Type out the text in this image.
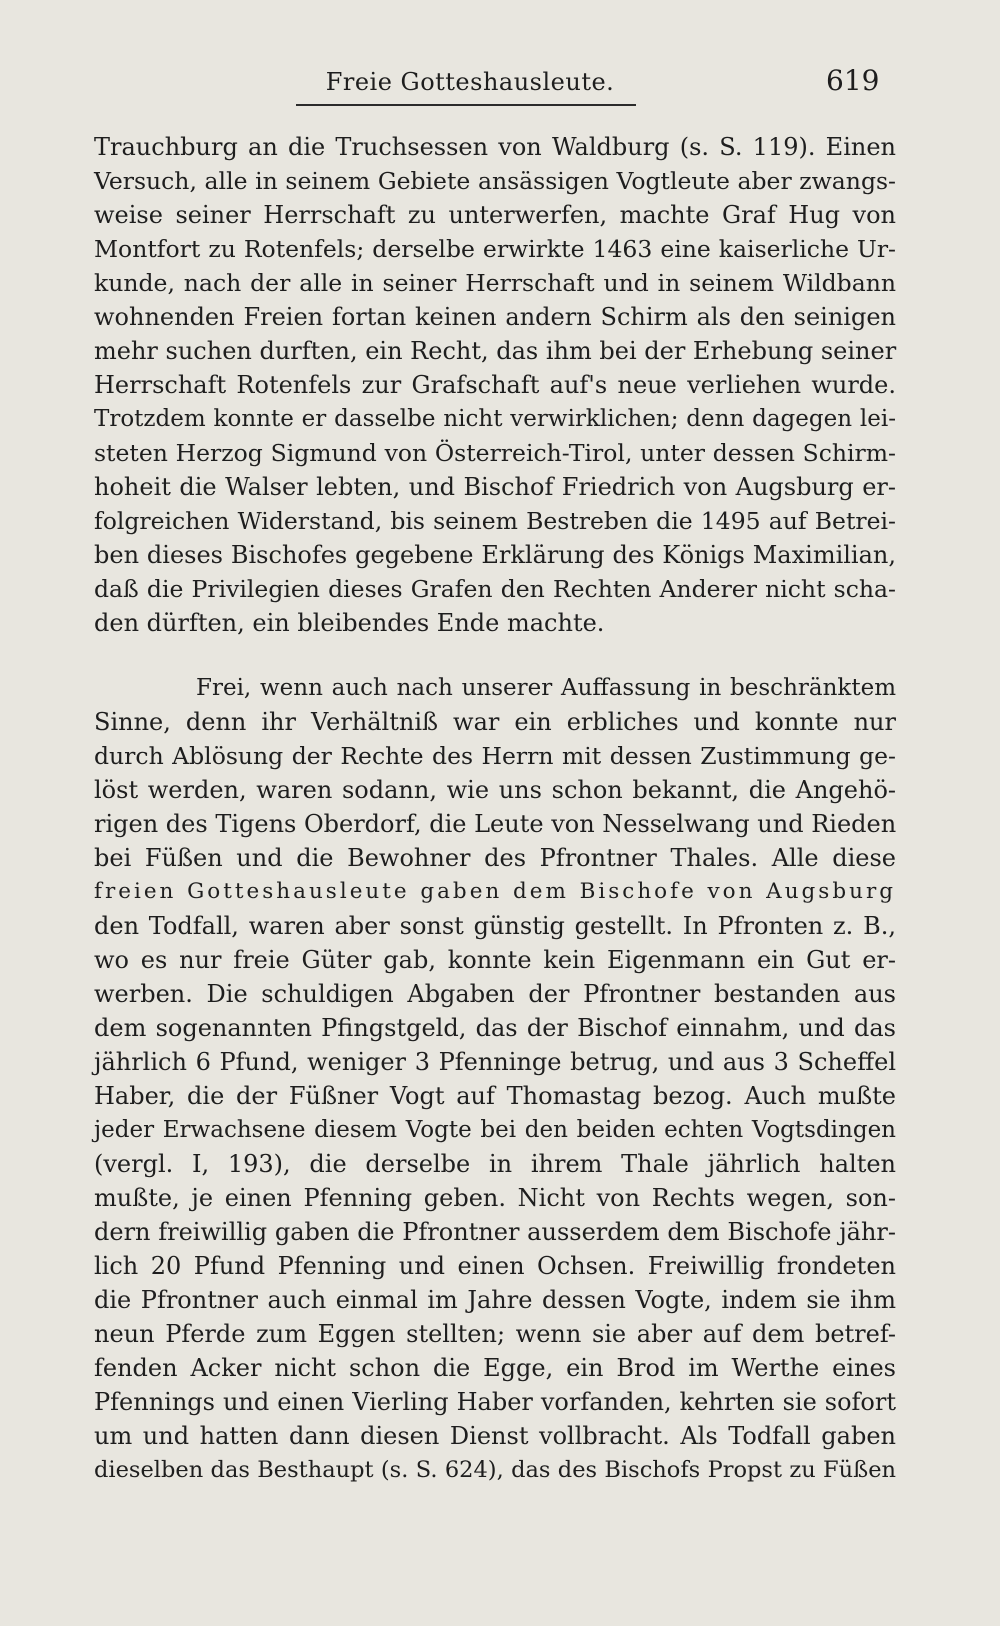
Freie Gotteshausleute.	619
Trauchburg an die Truchsessen von Waldburg (s. S. 119). Einen
Versuch, alle in seinem Gebiete ansässigen Vogtleute aber zwangs-
weise seiner Herrschaft zu unterwerfen, machte Graf Hug von
Montfort zu Rotenfels; derselbe erwirkte 1463 eine kaiserliche Ur-
kunde, nach der alle in seiner Herrschaft und in seinem Wildbann
wohnenden Freien fortan keinen andern Schirm als den seinigen
mehr suchen durften, ein Recht, das ihm bei der Erhebung seiner
Herrschaft Rotenfels zur Grafschaft auf's neue verliehen wurde.
Trotzdem konnte er dasselbe nicht verwirklichen; denn dagegen lei-
steten Herzog Sigmund von Österreich-Tirol, unter dessen Schirm-
hoheit die Walser lebten, und Bischof Friedrich von Augsburg er-
folgreichen Widerstand, bis seinem Bestreben die 1495 auf Betrei-
ben dieses Bischofes gegebene Erklärung des Königs Maximilian,
daß die Privilegien dieses Grafen den Rechten Anderer nicht scha-
den dürften, ein bleibendes Ende machte.
Frei, wenn auch nach unserer Auffassung in beschränktem
Sinne, denn ihr Verhältniß war ein erbliches und konnte nur
durch Ablösung der Rechte des Herrn mit dessen Zustimmung ge-
löst werden, waren sodann, wie uns schon bekannt, die Angehö-
rigen des Tigens Oberdorf, die Leute von Nesselwang und Rieden
bei Füßen und die Bewohner des Pfrontner Thales. Alle diese
freien Gotteshausleute gaben dem Bischofe von Augsburg
den Todfall, waren aber sonst günstig gestellt. In Pfronten z. B.,
wo es nur freie Güter gab, konnte kein Eigenmann ein Gut er-
werben. Die schuldigen Abgaben der Pfrontner bestanden aus
dem sogenannten Pfingstgeld, das der Bischof einnahm, und das
jährlich 6 Pfund, weniger 3 Pfenninge betrug, und aus 3 Scheffel
Haber, die der Füßner Vogt auf Thomastag bezog. Auch mußte
jeder Erwachsene diesem Vogte bei den beiden echten Vogtsdingen
(vergl. I, 193), die derselbe in ihrem Thale jährlich halten
mußte, je einen Pfenning geben. Nicht von Rechts wegen, son-
dern freiwillig gaben die Pfrontner ausserdem dem Bischofe jähr-
lich 20 Pfund Pfenning und einen Ochsen. Freiwillig frondeten
die Pfrontner auch einmal im Jahre dessen Vogte, indem sie ihm
neun Pferde zum Eggen stellten; wenn sie aber auf dem betref-
fenden Acker nicht schon die Egge, ein Brod im Werthe eines
Pfennings und einen Vierling Haber vorfanden, kehrten sie sofort
um und hatten dann diesen Dienst vollbracht. Als Todfall gaben
dieselben das Besthaupt (s. S. 624), das des Bischofs Propst zu Füßen
